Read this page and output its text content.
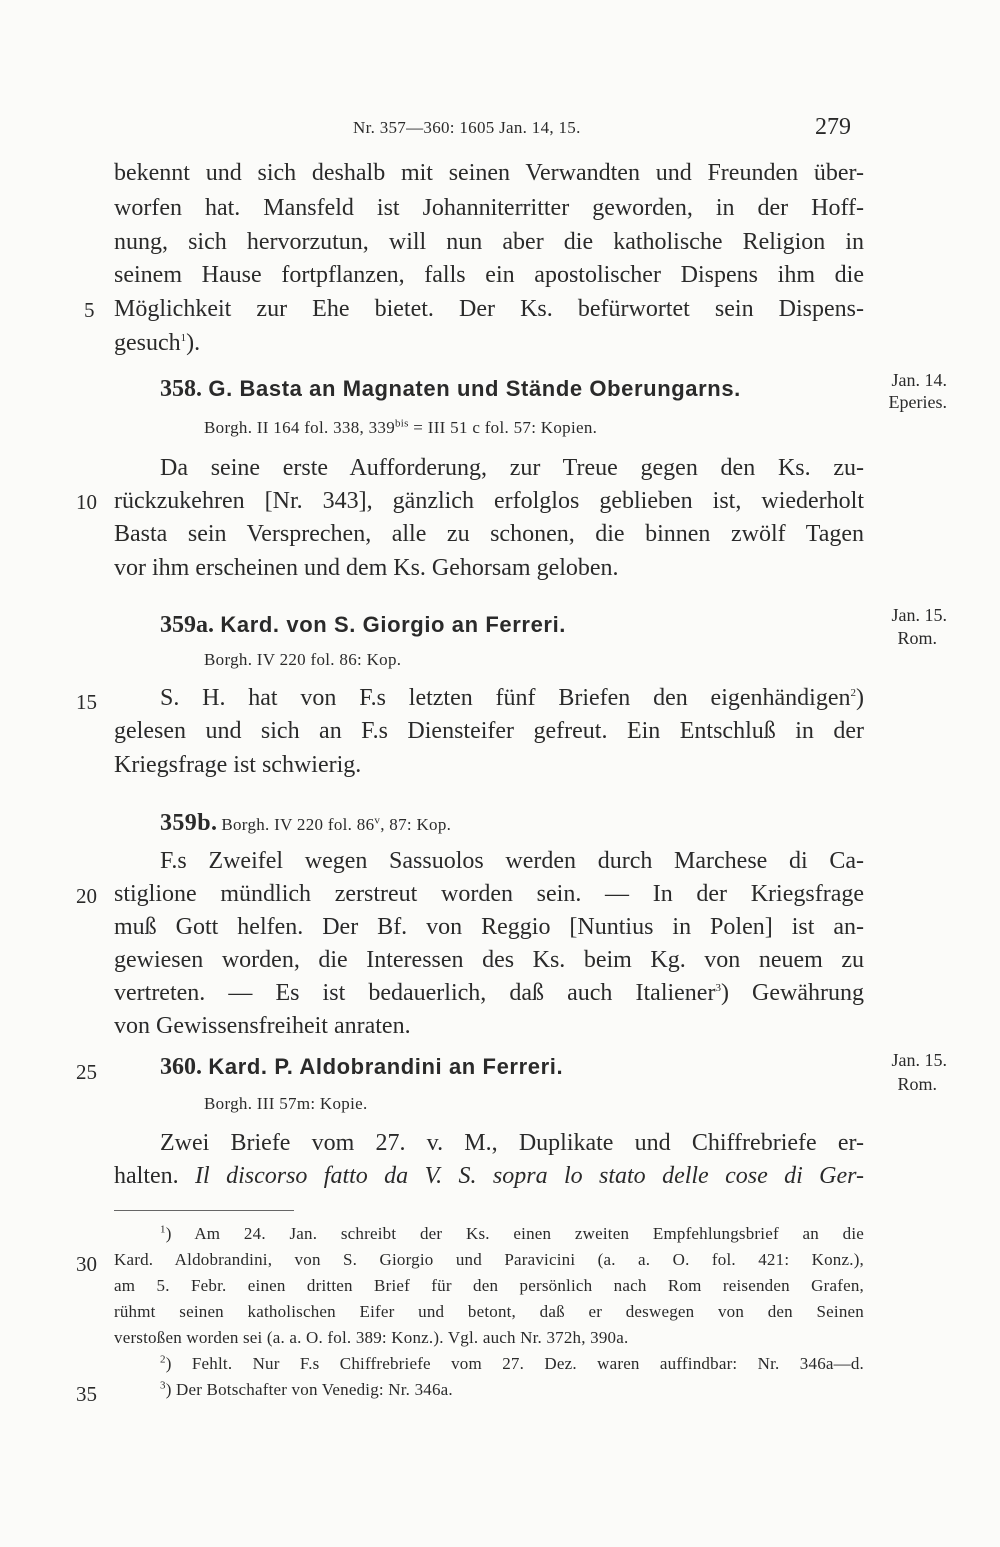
Nr. 357—360: 1605 Jan. 14, 15.	279
bekennt und sich deshalb mit seinen Verwandten und Freunden über-
worfen hat. Mansfeld ist Johanniterritter geworden, in der Hoff-
nung, sich hervorzutun, will nun aber die katholische Religion in
seinem Hause fortpflanzen, falls ein apostolischer Dispens ihm die
5 Möglichkeit zur Ehe bietet. Der Ks. befürwortet sein Dispens-
gesuch$^1$).
358. G. Basta an Magnaten und Stände Oberungarns.	Jan. 14.
Eperies.
Borgh. II 164 fol. 338, $339^{bis}$ = III 51 c fol. 57: Kopien.
Da seine erste Aufforderung, zur Treue gegen den Ks. zu-
10 rückzukehren [Nr. 343], gänzlich erfolglos geblieben ist, wiederholt
Basta sein Versprechen, alle zu schonen, die binnen zwölf Tagen
vor ihm erscheinen und dem Ks. Gehorsam geloben.
359a. Kard. von S. Giorgio an Ferreri.	Jan. 15.
Rom.
Borgh. IV 220 fol. 86: Kop.
15	S. H. hat von F.s letzten fünf Briefen den eigenhändigen$^2$)
gelesen und sich an F.s Diensteifer gefreut. Ein Entschluß in der
Kriegsfrage ist schwierig.
359b. Borgh. IV 220 fol. 86$^v$, 87: Kop.
F.s Zweifel wegen Sassuolos werden durch Marchese di Ca-
20 stiglione mündlich zerstreut worden sein. — In der Kriegsfrage
muß Gott helfen. Der Bf. von Reggio [Nuntius in Polen] ist an-
gewiesen worden, die Interessen des Ks. beim Kg. von neuem zu
vertreten. — Es ist bedauerlich, daß auch Italiener$^3$) Gewährung
von Gewissensfreiheit anraten.
25	360. Kard. P. Aldobrandini an Ferreri.	Jan. 15.
Rom.
Borgh. III 57m: Kopie.
Zwei Briefe vom 27. v. M., Duplikate und Chiffrebriefe er-
halten. Il discorso fatto da V. S. sopra lo stato delle cose di Ger-
$^1$) Am 24. Jan. schreibt der Ks. einen zweiten Empfehlungsbrief an die
30 Kard. Aldobrandini, von S. Giorgio und Paravicini (a. a. O. fol. 421: Konz.),
am 5. Febr. einen dritten Brief für den persönlich nach Rom reisenden Grafen,
rühmt seinen katholischen Eifer und betont, daß er deswegen von den Seinen
verstoßen worden sei (a. a. O. fol. 389: Konz.). Vgl. auch Nr. 372h, 390a.
$^2$) Fehlt. Nur F.s Chiffrebriefe vom 27. Dez. waren auffindbar: Nr. 346a—d.
35	$^3$) Der Botschafter von Venedig: Nr. 346a.
